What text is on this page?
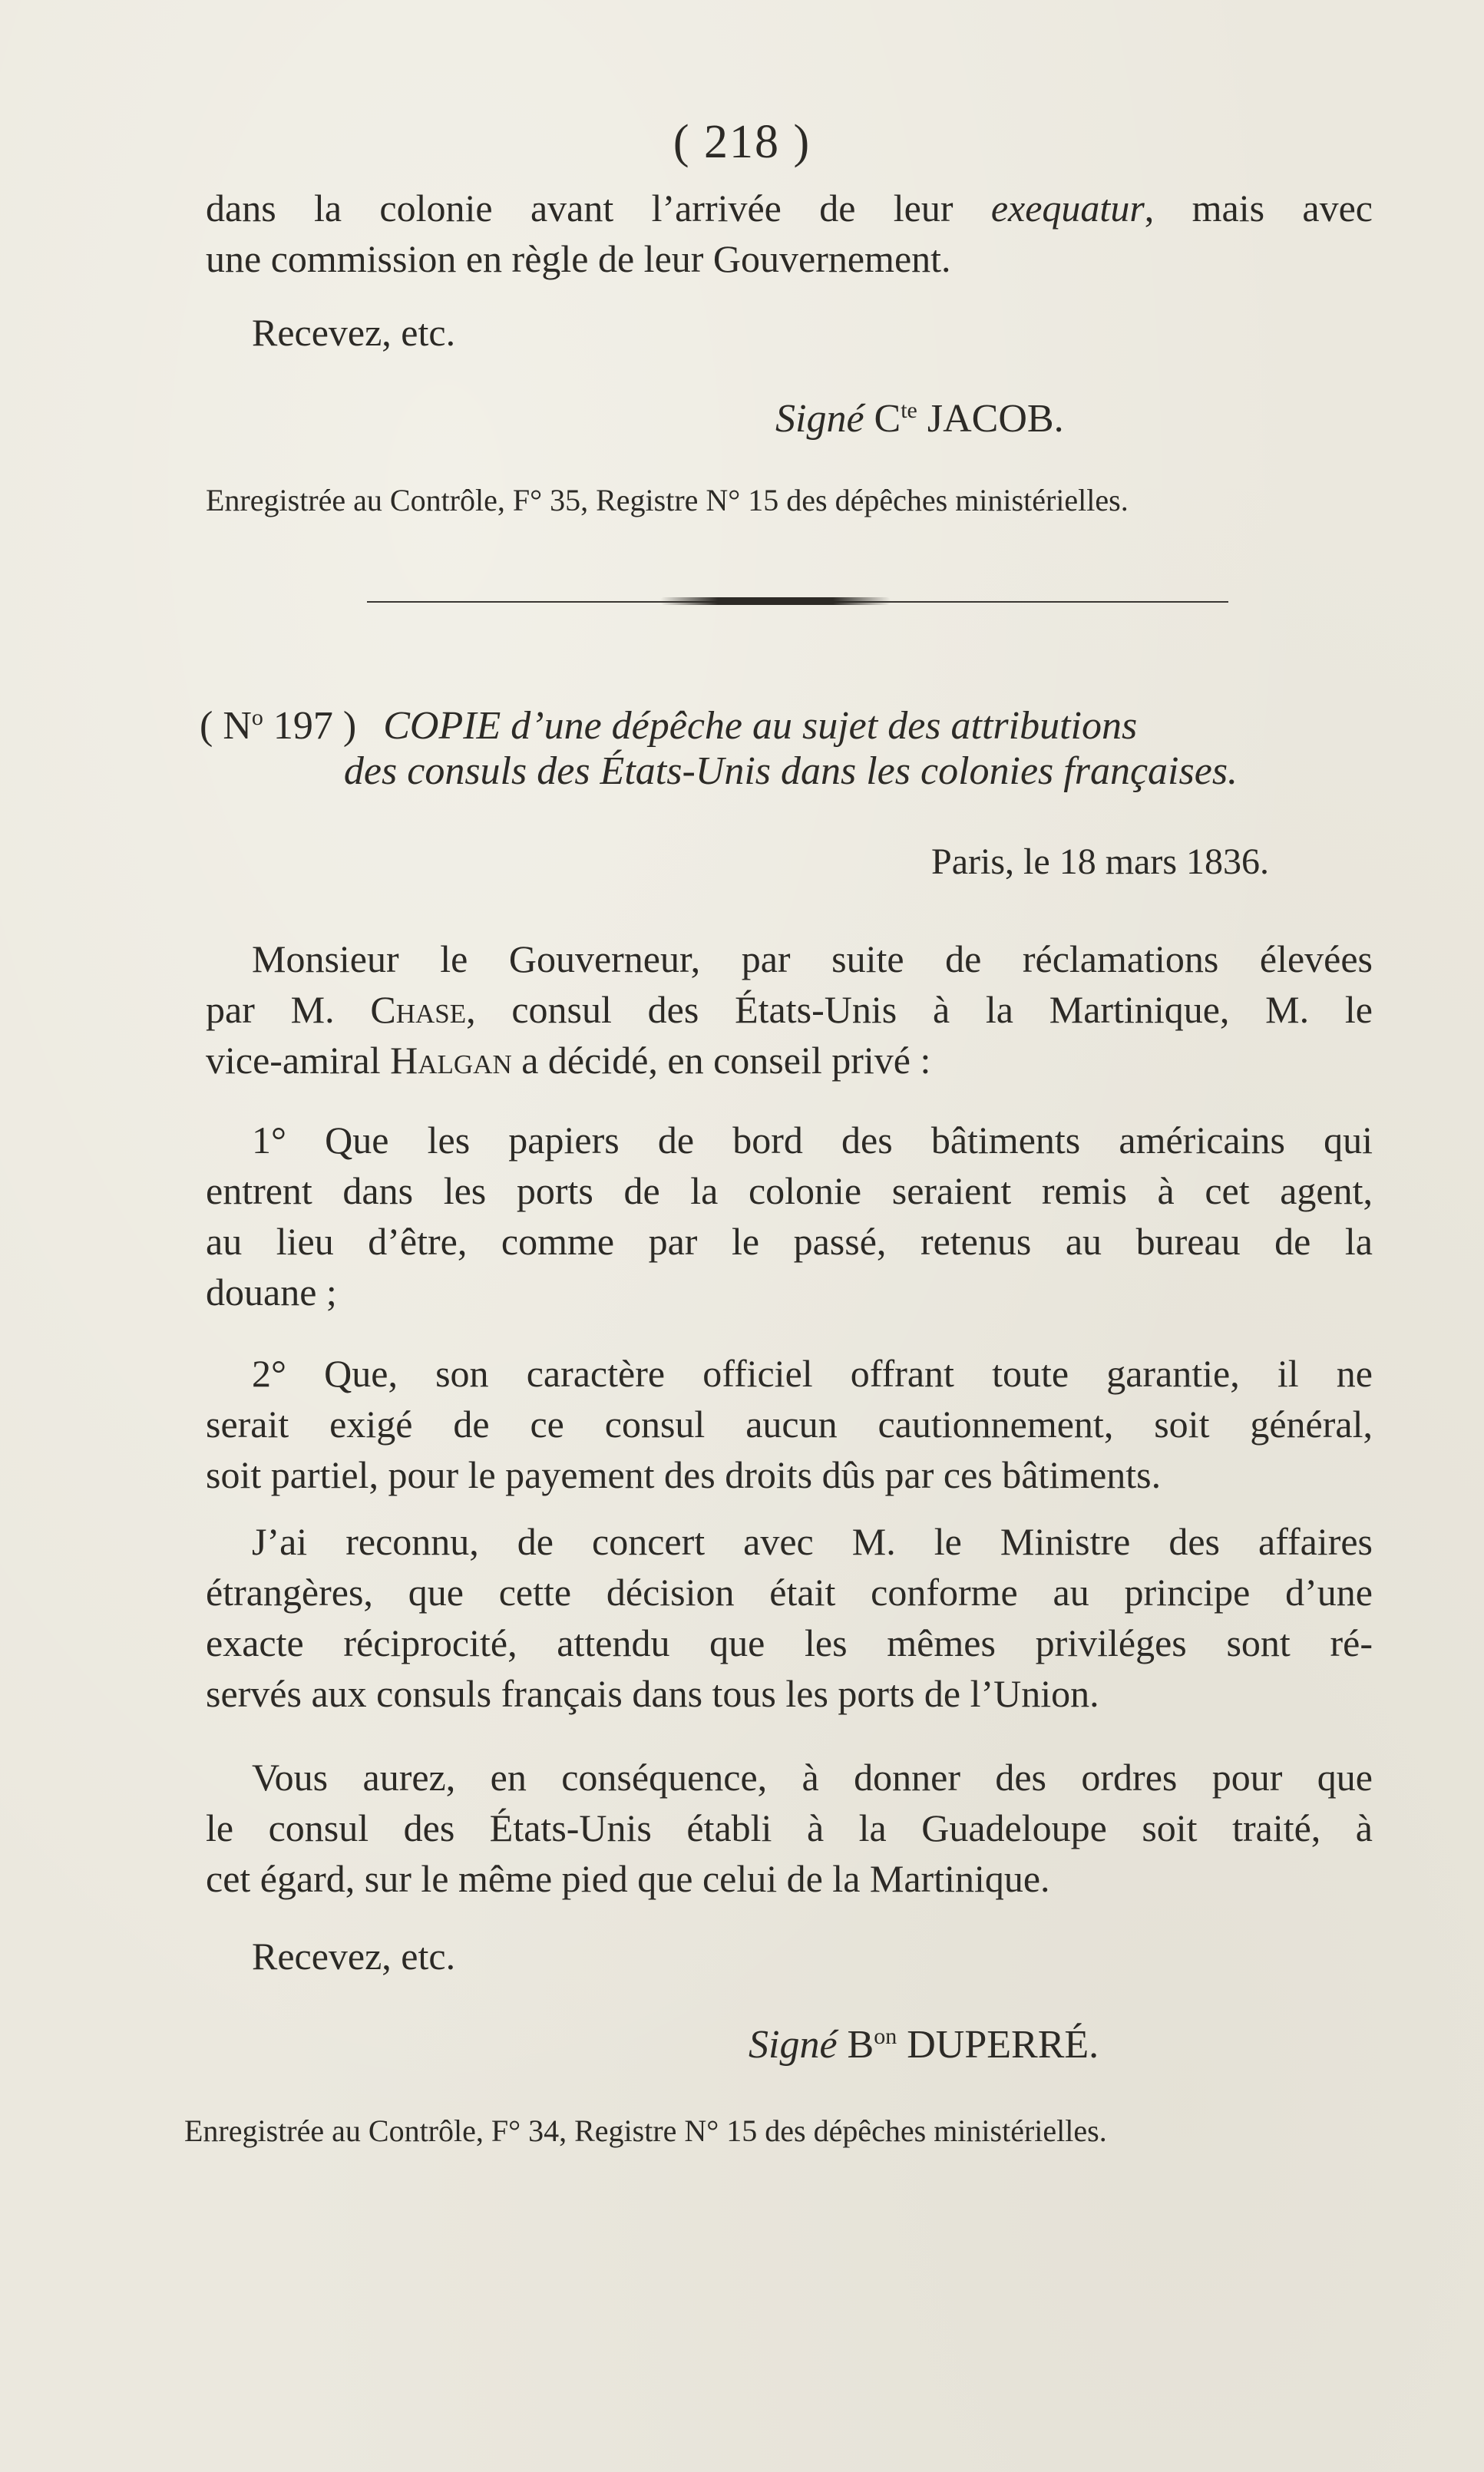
( 218 )
dans la colonie avant l’arrivée de leur exequatur, mais avec
une commission en règle de leur Gouvernement.
Recevez, etc.
Signé $C^{te}$ JACOB.
Enregistrée au Contrôle, F° 35, Registre N° 15 des dépêches ministérielles.
( $N^o$ 197 ) COPIE d’une dépêche au sujet des attributions
des consuls des États-Unis dans les colonies françaises.
Paris, le 18 mars 1836.
Monsieur le Gouverneur, par suite de réclamations élevées
par M. Chase, consul des États-Unis à la Martinique, M. le
vice-amiral Halgan a décidé, en conseil privé :
1° Que les papiers de bord des bâtiments américains qui
entrent dans les ports de la colonie seraient remis à cet agent,
au lieu d’être, comme par le passé, retenus au bureau de la
douane ;
2° Que, son caractère officiel offrant toute garantie, il ne
serait exigé de ce consul aucun cautionnement, soit général,
soit partiel, pour le payement des droits dûs par ces bâtiments.
J’ai reconnu, de concert avec M. le Ministre des affaires
étrangères, que cette décision était conforme au principe d’une
exacte réciprocité, attendu que les mêmes priviléges sont ré-
servés aux consuls français dans tous les ports de l’Union.
Vous aurez, en conséquence, à donner des ordres pour que
le consul des États-Unis établi à la Guadeloupe soit traité, à
cet égard, sur le même pied que celui de la Martinique.
Recevez, etc.
Signé $B^{on}$ DUPERRÉ.
Enregistrée au Contrôle, F° 34, Registre N° 15 des dépêches ministérielles.
